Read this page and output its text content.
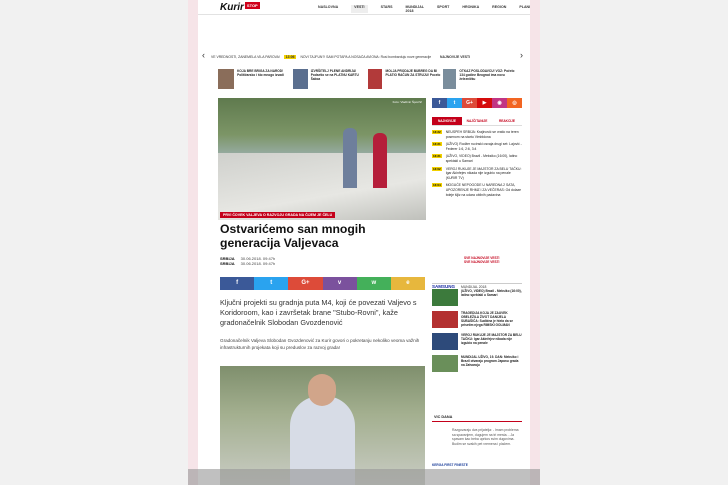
Kurir STOP	NASLOVNA	VESTI	STARS	MUNDIJAL 2018
SPORT	HRONIKA	REGION	PLANI
‹ VE VREDNOSTI, ZANEMELA VILA PAROVA! 13:06 NOVI TAJFUN?! SAM POTAPA A NOSAČA AVIONA: Rusi bombarduju nove generacije	NAJNOVIJE VESTI	›
KOJA BRE BRIGA ZA NAROD! Političarsko i što mnogo izvadi
IZVRŠITELJ PLENE ANDRIJA! Podsetio se na PLATNU KARTU Šabca
MOLJA PRODAJE BUBREG DA BI PLATIO RAČUN ZA STRUJU! Pocelo
OTKAZ POSLODAVCU! VOZ: Počelo 134 godine Beograd ima novu železničku
Foto: Vladimir Šporčić
PRVI ČOVEK VALJEVA O RAZVOJU GRADA NA ČIJEM JE ČELU
Ostvarićemo san mnogih generacija Valjevaca
SRBIJA 30.06.2018. 09:47h
SRBIJA 30.06.2018. 09:47h
f	t	G+	v	w	e
Ključni projekti su gradnja puta M4, koji će povezati Valjevo s Koridoroom, kao i završetak brane "Stubo-Rovni", kaže gradonačelnik Slobodan Gvozdenović
Gradonačelnik Valjeva Slobodan Gvozdenović za Kurir govori o pokretanju nekoliko veoma važnih infrastrukturnih projekata koji su preduslov za razvoj grada!
f	t	G+	▶	◉	◎
NAJNOVIJE	NAJČITANIJE	REAKCIJE
13:22 NEUSPEH SRBIJA: Krajinović se vratio na teren posenom na startu Vimbldona
13:21 (UŽIVO) Rodžer rucinski osvaja drugi set: Lajović - Federer 1:6, 2:6, 3:4
13:21 (UŽIVO, VIDEO) Brazil - Meksiko (16:00), latino spektakl u Samari
13:02 VEROJ RUKUJE JE MAJSTOR ZA BELU TAČKU: Igar Akinfejev nikada nije izgubio na penale (KURIR TV)
13:04 MOGUĆE NEPOGODE U NAREDNA 2 SATA, UPOZORENJE RHMZ I ZA VEČERAS: Od dolaze bdeje šljiz na udara obilnih padavina
SVE NAJNOVIJE VESTI
SVE NAJNOVIJE VESTI
SAMSUNG MUNDIJAL 2018
(UŽIVO, VIDEO) Brazil - Meksiko (16:00), latino spektakl u Samari
TRAGEDIJA KOJA JE ZAUVEK OBELEŽILA ŽIVOT DANIJELA SUBAŠIĆA: Sudbina je htela da se prisetim njega RIMSKI GOLMAN
VEROJ RUKUJE JE MAJSTOR ZA BELU TAČKU: Igar Akinfejev nikada nije izgubio na penale
MUNDIJAL UŽIVO, 19. DAN: Meksiko i Brazil otvaraju program Japanu grada na Zatvaraju
VIC DANA
Razgovaraju dva prijatelja: - Imam problema sa spavanjem, dugujem na tri mesta. - Ja spavam kao beba uprkos svim dugovima. Budim se svakih pet vremena i plačem.
KERGA FIRST FINESTE
